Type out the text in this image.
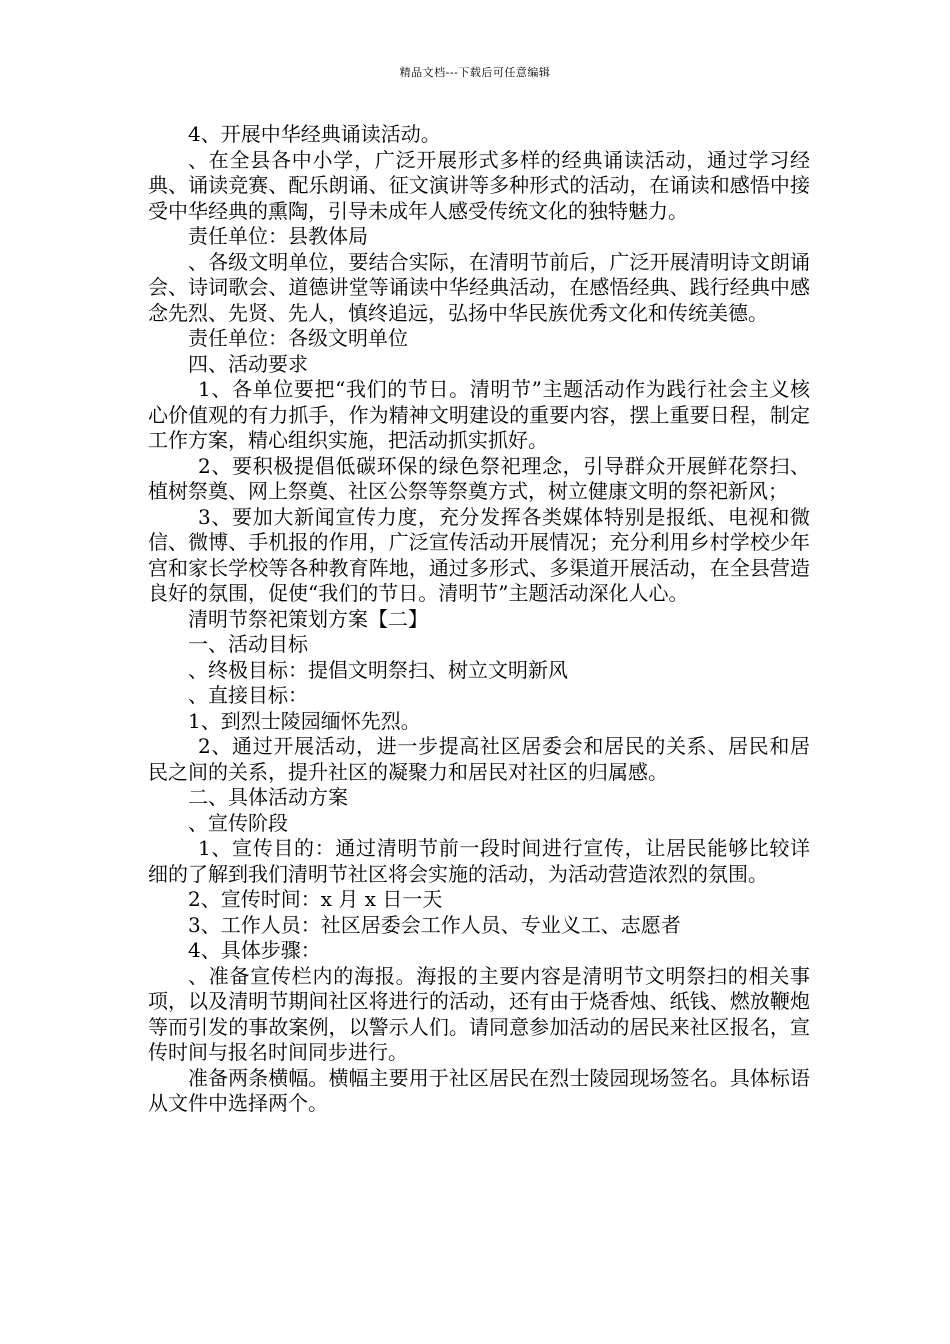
精品文档---下载后可任意编辑

4、开展中华经典诵读活动。

、在全县各中小学，广泛开展形式多样的经典诵读活动，通过学习经典、诵读竞赛、配乐朗诵、征文演讲等多种形式的活动，在诵读和感悟中接受中华经典的熏陶，引导未成年人感受传统文化的独特魅力。

责任单位：县教体局

、各级文明单位，要结合实际，在清明节前后，广泛开展清明诗文朗诵会、诗词歌会、道德讲堂等诵读中华经典活动，在感悟经典、践行经典中感念先烈、先贤、先人，慎终追远，弘扬中华民族优秀文化和传统美德。

责任单位：各级文明单位

四、活动要求

1、各单位要把“我们的节日。清明节”主题活动作为践行社会主义核心价值观的有力抓手，作为精神文明建设的重要内容，摆上重要日程，制定工作方案，精心组织实施，把活动抓实抓好。

2、要积极提倡低碳环保的绿色祭祀理念，引导群众开展鲜花祭扫、植树祭奠、网上祭奠、社区公祭等祭奠方式，树立健康文明的祭祀新风；

3、要加大新闻宣传力度，充分发挥各类媒体特别是报纸、电视和微信、微博、手机报的作用，广泛宣传活动开展情况；充分利用乡村学校少年宫和家长学校等各种教育阵地，通过多形式、多渠道开展活动，在全县营造良好的氛围，促使“我们的节日。清明节”主题活动深化人心。

清明节祭祀策划方案【二】

一、活动目标

、终极目标：提倡文明祭扫、树立文明新风

、直接目标：

1、到烈士陵园缅怀先烈。

2、通过开展活动，进一步提高社区居委会和居民的关系、居民和居民之间的关系，提升社区的凝聚力和居民对社区的归属感。

二、具体活动方案

、宣传阶段

1、宣传目的：通过清明节前一段时间进行宣传，让居民能够比较详细的了解到我们清明节社区将会实施的活动，为活动营造浓烈的氛围。

2、宣传时间：x 月 x 日一天

3、工作人员：社区居委会工作人员、专业义工、志愿者

4、具体步骤：

、准备宣传栏内的海报。海报的主要内容是清明节文明祭扫的相关事项，以及清明节期间社区将进行的活动，还有由于烧香烛、纸钱、燃放鞭炮等而引发的事故案例，以警示人们。请同意参加活动的居民来社区报名，宣传时间与报名时间同步进行。

准备两条横幅。横幅主要用于社区居民在烈士陵园现场签名。具体标语从文件中选择两个。
